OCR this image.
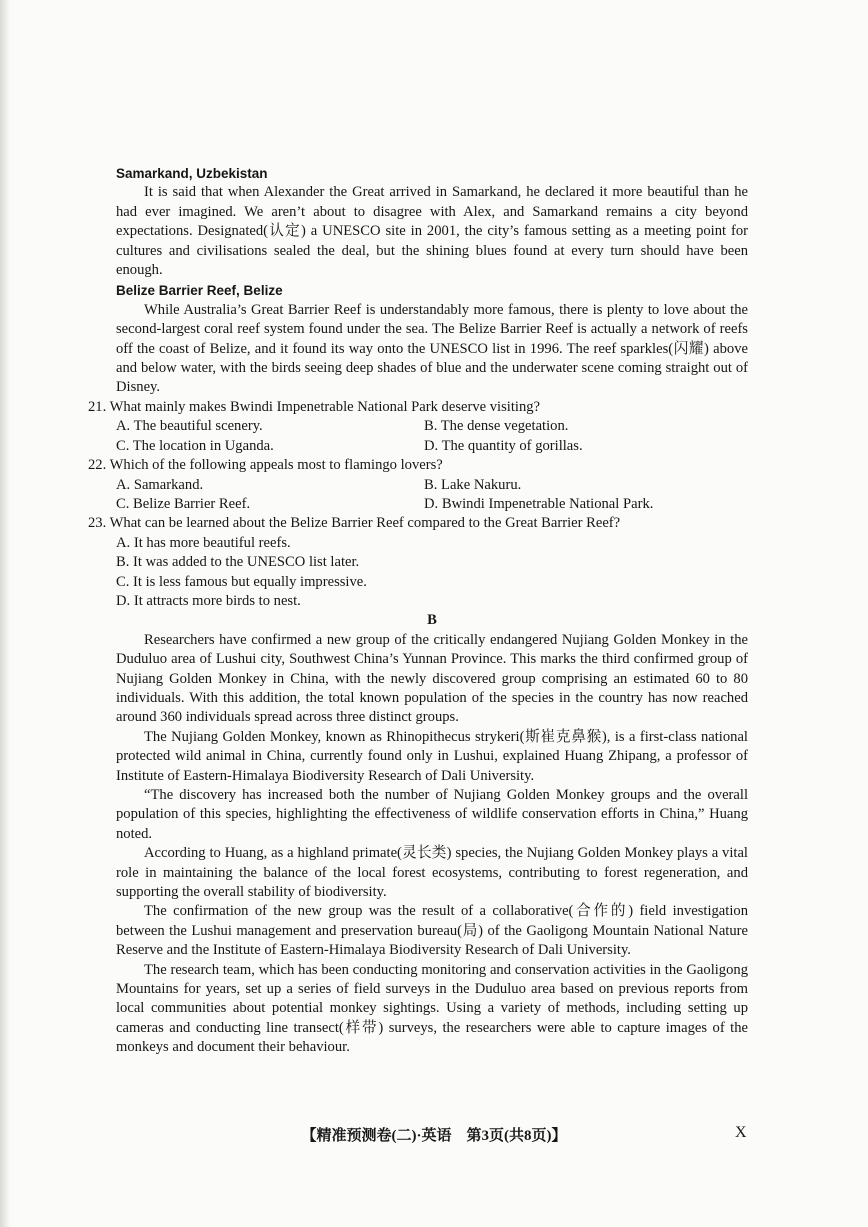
Samarkand, Uzbekistan

It is said that when Alexander the Great arrived in Samarkand, he declared it more beautiful than he had ever imagined. We aren’t about to disagree with Alex, and Samarkand remains a city beyond expectations. Designated(认定) a UNESCO site in 2001, the city’s famous setting as a meeting point for cultures and civilisations sealed the deal, but the shining blues found at every turn should have been enough.

Belize Barrier Reef, Belize

While Australia’s Great Barrier Reef is understandably more famous, there is plenty to love about the second-largest coral reef system found under the sea. The Belize Barrier Reef is actually a network of reefs off the coast of Belize, and it found its way onto the UNESCO list in 1996. The reef sparkles(闪耀) above and below water, with the birds seeing deep shades of blue and the underwater scene coming straight out of Disney.

21. What mainly makes Bwindi Impenetrable National Park deserve visiting?

A. The beautiful scenery.	B. The dense vegetation.
C. The location in Uganda.	D. The quantity of gorillas.

22. Which of the following appeals most to flamingo lovers?

A. Samarkand.	B. Lake Nakuru.
C. Belize Barrier Reef.	D. Bwindi Impenetrable National Park.

23. What can be learned about the Belize Barrier Reef compared to the Great Barrier Reef?

A. It has more beautiful reefs.
B. It was added to the UNESCO list later.
C. It is less famous but equally impressive.
D. It attracts more birds to nest.
B

Researchers have confirmed a new group of the critically endangered Nujiang Golden Monkey in the Duduluo area of Lushui city, Southwest China’s Yunnan Province. This marks the third confirmed group of Nujiang Golden Monkey in China, with the newly discovered group comprising an estimated 60 to 80 individuals. With this addition, the total known population of the species in the country has now reached around 360 individuals spread across three distinct groups.

The Nujiang Golden Monkey, known as Rhinopithecus strykeri(斯崔克鼻猴), is a first-class national protected wild animal in China, currently found only in Lushui, explained Huang Zhipang, a professor of Institute of Eastern-Himalaya Biodiversity Research of Dali University.

“The discovery has increased both the number of Nujiang Golden Monkey groups and the overall population of this species, highlighting the effectiveness of wildlife conservation efforts in China,” Huang noted.

According to Huang, as a highland primate(灵长类) species, the Nujiang Golden Monkey plays a vital role in maintaining the balance of the local forest ecosystems, contributing to forest regeneration, and supporting the overall stability of biodiversity.

The confirmation of the new group was the result of a collaborative(合作的) field investigation between the Lushui management and preservation bureau(局) of the Gaoligong Mountain National Nature Reserve and the Institute of Eastern-Himalaya Biodiversity Research of Dali University.

The research team, which has been conducting monitoring and conservation activities in the Gaoligong Mountains for years, set up a series of field surveys in the Duduluo area based on previous reports from local communities about potential monkey sightings. Using a variety of methods, including setting up cameras and conducting line transect(样带) surveys, the researchers were able to capture images of the monkeys and document their behaviour.

【精准预测卷(二)·英语　第3页(共8页)】	X
